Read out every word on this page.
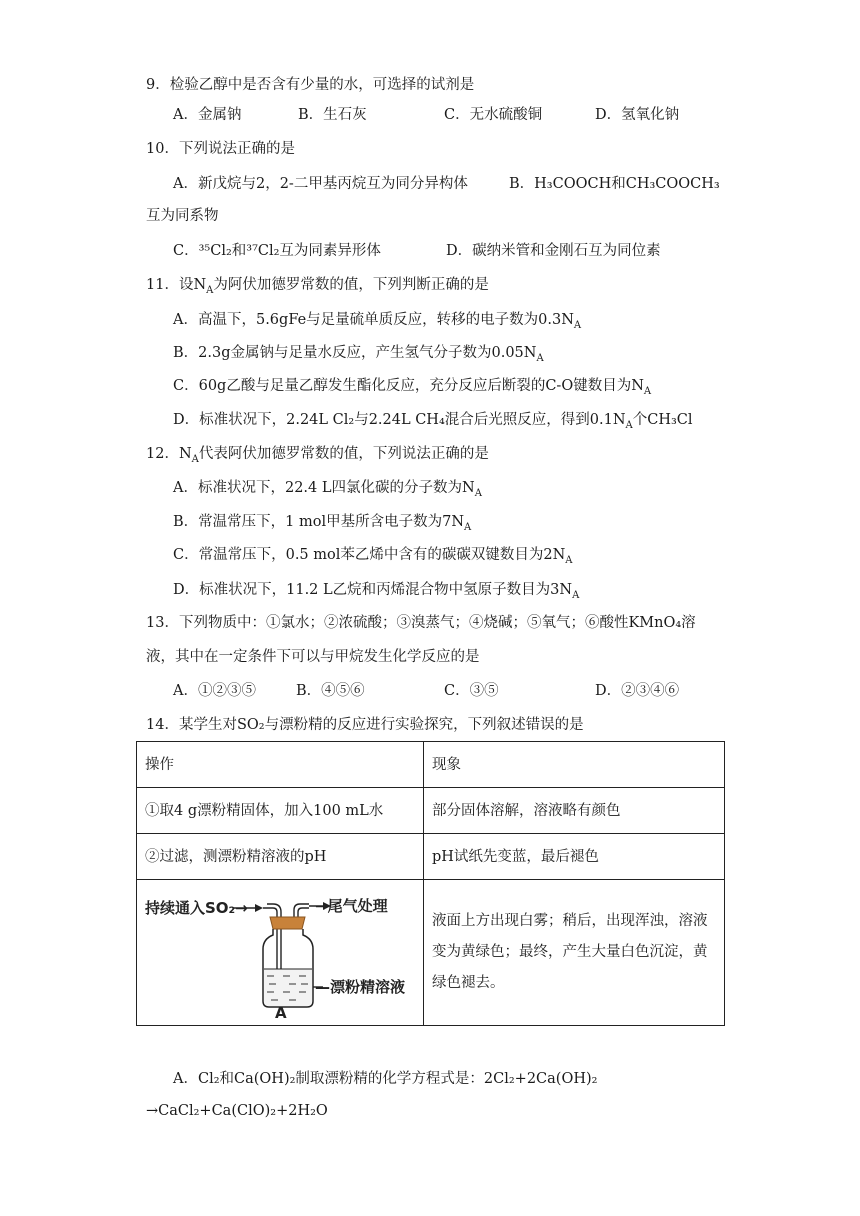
9．检验乙醇中是否含有少量的水，可选择的试剂是
A．金属钠	B．生石灰	C．无水硫酸铜	D．氢氧化钠
10．下列说法正确的是
A．新戊烷与2，2-二甲基丙烷互为同分异构体	B．H₃COOCH和CH₃COOCH₃
互为同系物
C．³⁵Cl₂和³⁷Cl₂互为同素异形体	D．碳纳米管和金刚石互为同位素
11．设$N_A$为阿伏加德罗常数的值，下列判断正确的是
A．高温下，5.6gFe与足量硫单质反应，转移的电子数为$0.3N_A$
B．2.3g金属钠与足量水反应，产生氢气分子数为$0.05N_A$
C．60g乙酸与足量乙醇发生酯化反应，充分反应后断裂的C-O键数目为$N_A$
D．标准状况下，2.24L Cl₂与2.24L CH₄混合后光照反应，得到$0.1N_A$个CH₃Cl
12．$N_A$代表阿伏加德罗常数的值，下列说法正确的是
A．标准状况下，22.4 L四氯化碳的分子数为$N_A$
B．常温常压下，1 mol甲基所含电子数为$7N_A$
C．常温常压下，0.5 mol苯乙烯中含有的碳碳双键数目为$2N_A$
D．标准状况下，11.2 L乙烷和丙烯混合物中氢原子数目为$3N_A$
13．下列物质中：①氯水；②浓硫酸；③溴蒸气；④烧碱；⑤氧气；⑥酸性KMnO₄溶
液，其中在一定条件下可以与甲烷发生化学反应的是
A．①②③⑤	B．④⑤⑥	C．③⑤	D．②③④⑥
14．某学生对SO₂与漂粉精的反应进行实验探究，下列叙述错误的是
操作	现象
①取4 g漂粉精固体，加入100 mL水	部分固体溶解，溶液略有颜色
②过滤，测漂粉精溶液的pH	pH试纸先变蓝，最后褪色

持续通入SO₂→ →尾气处理
—漂粉精溶液
A	液面上方出现白雾；稍后，出现浑浊，溶液变为黄绿色；最终，产生大量白色沉淀，黄绿色褪去。
A．Cl₂和Ca(OH)₂制取漂粉精的化学方程式是：2Cl₂+2Ca(OH)₂
→CaCl₂+Ca(ClO)₂+2H₂O
